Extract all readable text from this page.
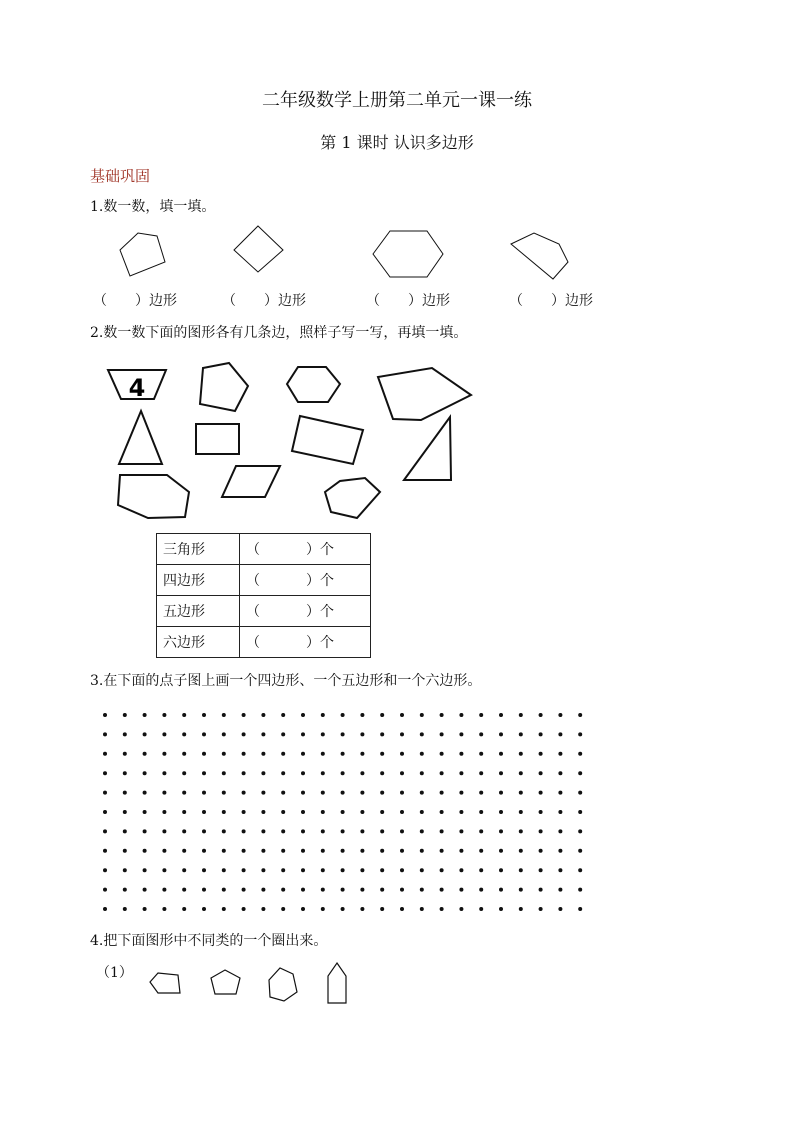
二年级数学上册第二单元一课一练
第 1 课时 认识多边形
基础巩固
1.数一数，填一填。
（　　）边形	（　　）边形	（　　）边形	（　　）边形
2.数一数下面的图形各有几条边，照样子写一写，再填一填。
4
三角形	（ ）个
四边形	（ ）个
五边形	（ ）个
六边形	（ ）个
3.在下面的点子图上画一个四边形、一个五边形和一个六边形。
4.把下面图形中不同类的一个圈出来。
（1）
